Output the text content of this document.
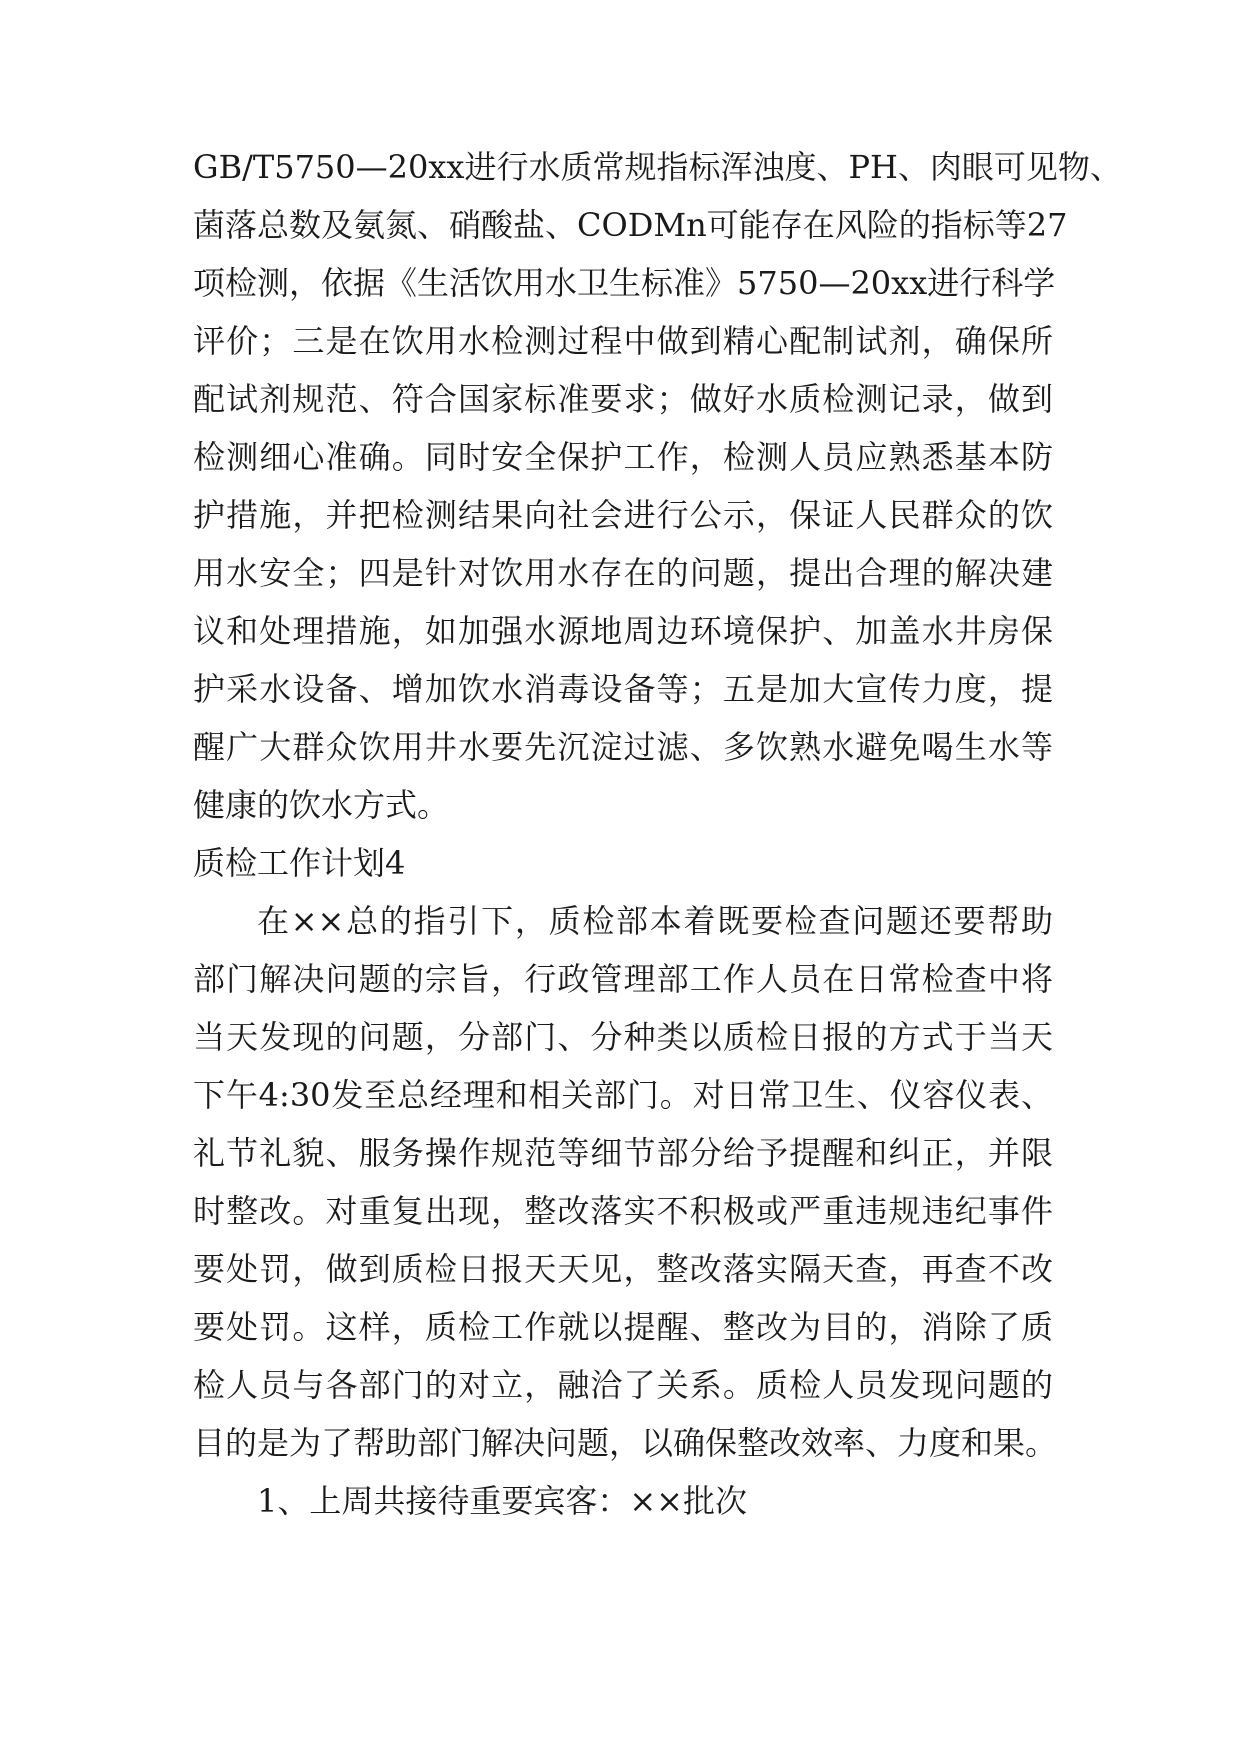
GB/T5750—20xx进行水质常规指标浑浊度、PH、肉眼可见物、
菌落总数及氨氮、硝酸盐、CODMn可能存在风险的指标等27
项检测，依据《生活饮用水卫生标准》5750—20xx进行科学
评价；三是在饮用水检测过程中做到精心配制试剂，确保所
配试剂规范、符合国家标准要求；做好水质检测记录，做到
检测细心准确。同时安全保护工作，检测人员应熟悉基本防
护措施，并把检测结果向社会进行公示，保证人民群众的饮
用水安全；四是针对饮用水存在的问题，提出合理的解决建
议和处理措施，如加强水源地周边环境保护、加盖水井房保
护采水设备、增加饮水消毒设备等；五是加大宣传力度，提
醒广大群众饮用井水要先沉淀过滤、多饮熟水避免喝生水等
健康的饮水方式。
质检工作计划4
在××总的指引下，质检部本着既要检查问题还要帮助
部门解决问题的宗旨，行政管理部工作人员在日常检查中将
当天发现的问题，分部门、分种类以质检日报的方式于当天
下午4:30发至总经理和相关部门。对日常卫生、仪容仪表、
礼节礼貌、服务操作规范等细节部分给予提醒和纠正，并限
时整改。对重复出现，整改落实不积极或严重违规违纪事件
要处罚，做到质检日报天天见，整改落实隔天查，再查不改
要处罚。这样，质检工作就以提醒、整改为目的，消除了质
检人员与各部门的对立，融洽了关系。质检人员发现问题的
目的是为了帮助部门解决问题，以确保整改效率、力度和果。
1、上周共接待重要宾客：××批次
